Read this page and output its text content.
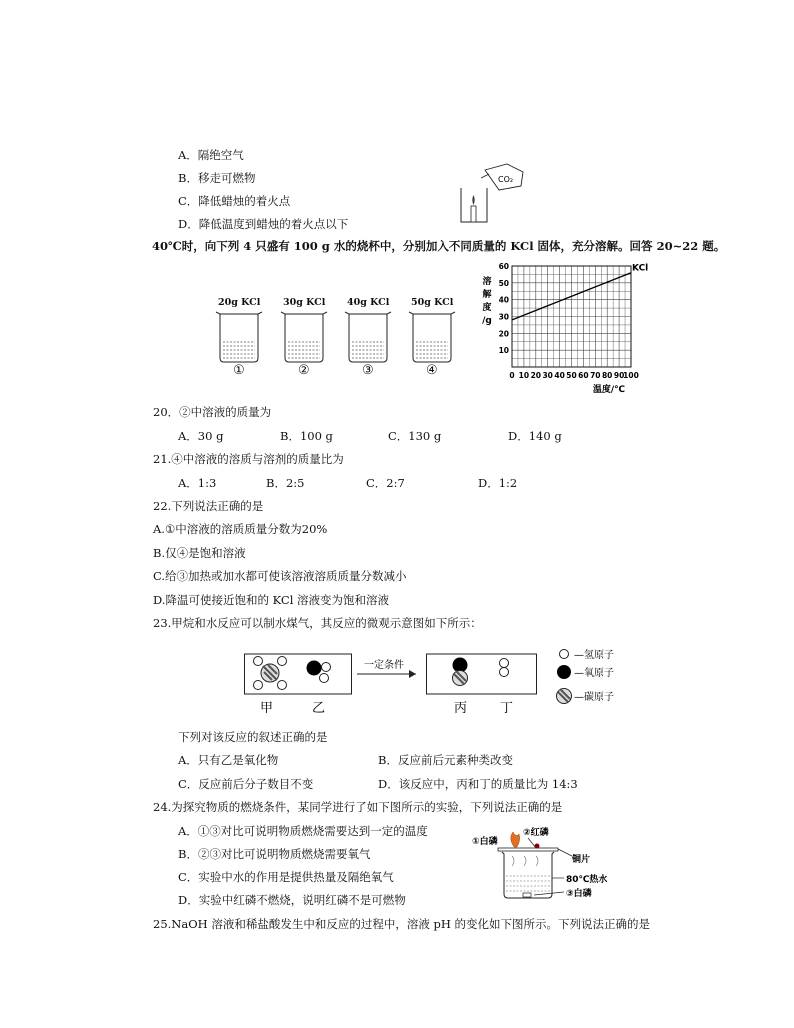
A．隔绝空气
B．移走可燃物
C．降低蜡烛的着火点
D．降低温度到蜡烛的着火点以下
CO₂
40℃时，向下列 4 只盛有 100 g 水的烧杯中，分别加入不同质量的 KCl 固体，充分溶解。回答 20~22 题。
20g KCl 30g KCl 40g KCl 50g KCl
①	②	③	④	0 10 20 30 40 50 60 70 80 90
100
10
20
30
40
50
60
溶
解
度
/g
温度/℃
KCl
20．②中溶液的质量为
A．30 g	B．100 g	C．130 g	D．140 g
21.④中溶液的溶质与溶剂的质量比为
A．1:3	B．2:5	C．2:7	D．1:2
22.下列说法正确的是
A.①中溶液的溶质质量分数为20%
B.仅④是饱和溶液
C.给③加热或加水都可使该溶液溶质质量分数减小
D.降温可使接近饱和的 KCl 溶液变为饱和溶液
23.甲烷和水反应可以制水煤气，其反应的微观示意图如下所示：
一定条件
—氢原子
—氧原子
—碳原子
甲	乙	丙	丁
下列对该反应的叙述正确的是
A．只有乙是氧化物	B．反应前后元素种类改变
C．反应前后分子数目不变	D．该反应中，丙和丁的质量比为 14:3
24.为探究物质的燃烧条件，某同学进行了如下图所示的实验，下列说法正确的是
A．①③对比可说明物质燃烧需要达到一定的温度
B．②③对比可说明物质燃烧需要氧气
C．实验中水的作用是提供热量及隔绝氧气
D．实验中红磷不燃烧，说明红磷不是可燃物
①白磷
②红磷
铜片
80℃热水
③白磷
25.NaOH 溶液和稀盐酸发生中和反应的过程中，溶液 pH 的变化如下图所示。下列说法正确的是
